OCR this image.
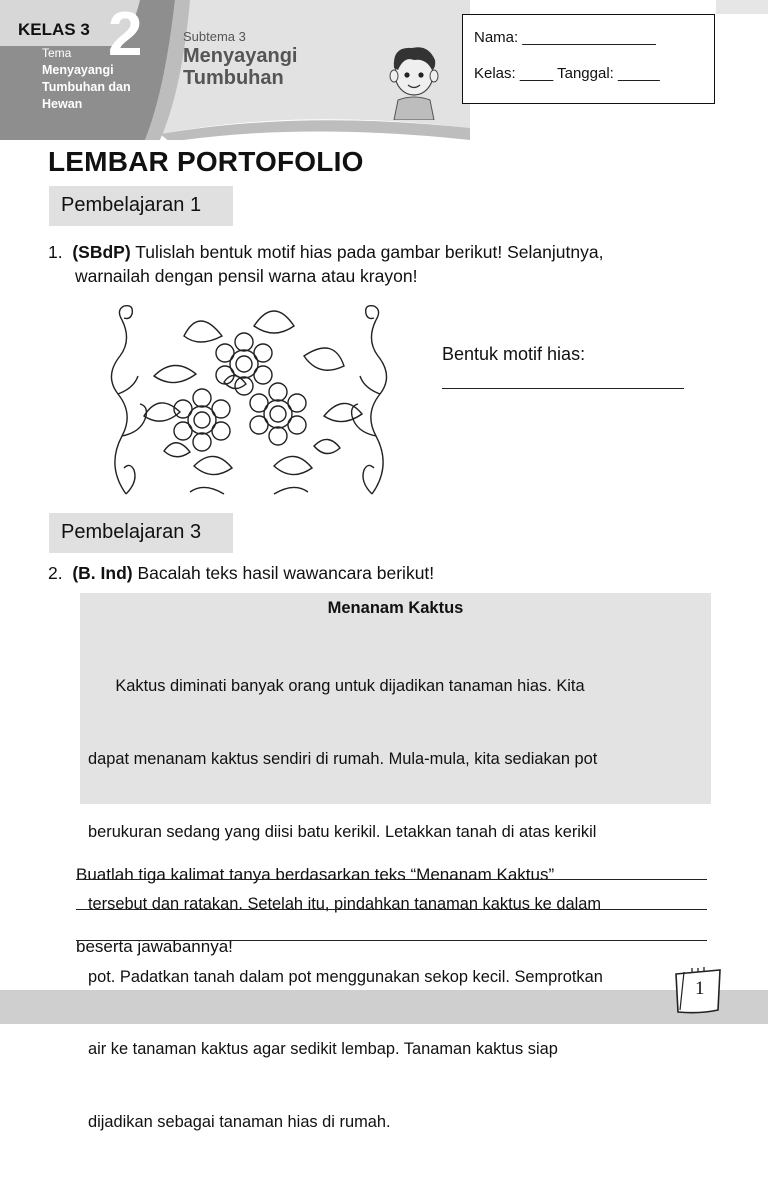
KELAS 3 2
Tema
Menyayangi
Tumbuhan dan
Hewan
Subtema 3
Menyayangi
Tumbuhan
Nama: ________________
Kelas: ____ Tanggal: _____
LEMBAR PORTOFOLIO
Pembelajaran 1
1. (SBdP) Tulislah bentuk motif hias pada gambar berikut! Selanjutnya,
warnailah dengan pensil warna atau krayon!
Bentuk motif hias:
Pembelajaran 3
2. (B. Ind) Bacalah teks hasil wawancara berikut!
Menanam Kaktus

Kaktus diminati banyak orang untuk dijadikan tanaman hias. Kita

dapat menanam kaktus sendiri di rumah. Mula-mula, kita sediakan pot

berukuran sedang yang diisi batu kerikil. Letakkan tanah di atas kerikil

tersebut dan ratakan. Setelah itu, pindahkan tanaman kaktus ke dalam

pot. Padatkan tanah dalam pot menggunakan sekop kecil. Semprotkan

air ke tanaman kaktus agar sedikit lembap. Tanaman kaktus siap

dijadikan sebagai tanaman hias di rumah.

Buatlah tiga kalimat tanya berdasarkan teks “Menanam Kaktus”

beserta jawabannya!

1
